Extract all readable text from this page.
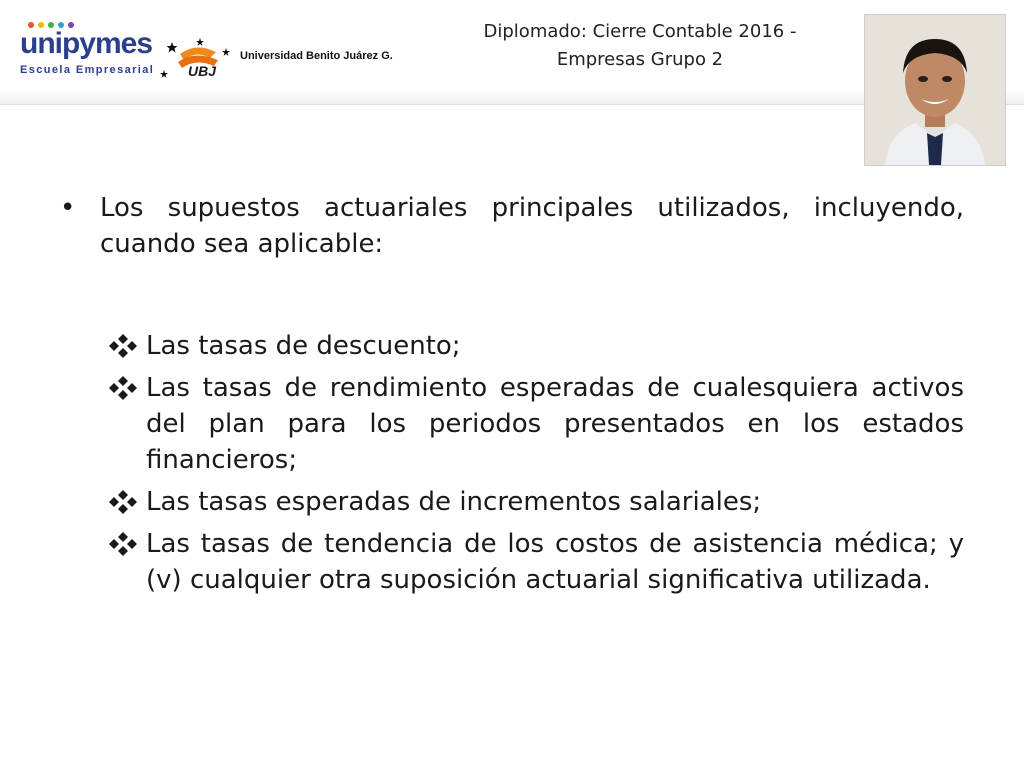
unipymes
Escuela Empresarial UBJ
Universidad Benito Juárez G.
Diplomado: Cierre Contable 2016 -
Empresas Grupo 2
• Los supuestos actuariales principales utilizados, incluyendo, cuando sea aplicable:
Las tasas de descuento;
Las tasas de rendimiento esperadas de cualesquiera activos del plan para los periodos presentados en los estados financieros;
Las tasas esperadas de incrementos salariales;
Las tasas de tendencia de los costos de asistencia médica; y (v) cualquier otra suposición actuarial significativa utilizada.
